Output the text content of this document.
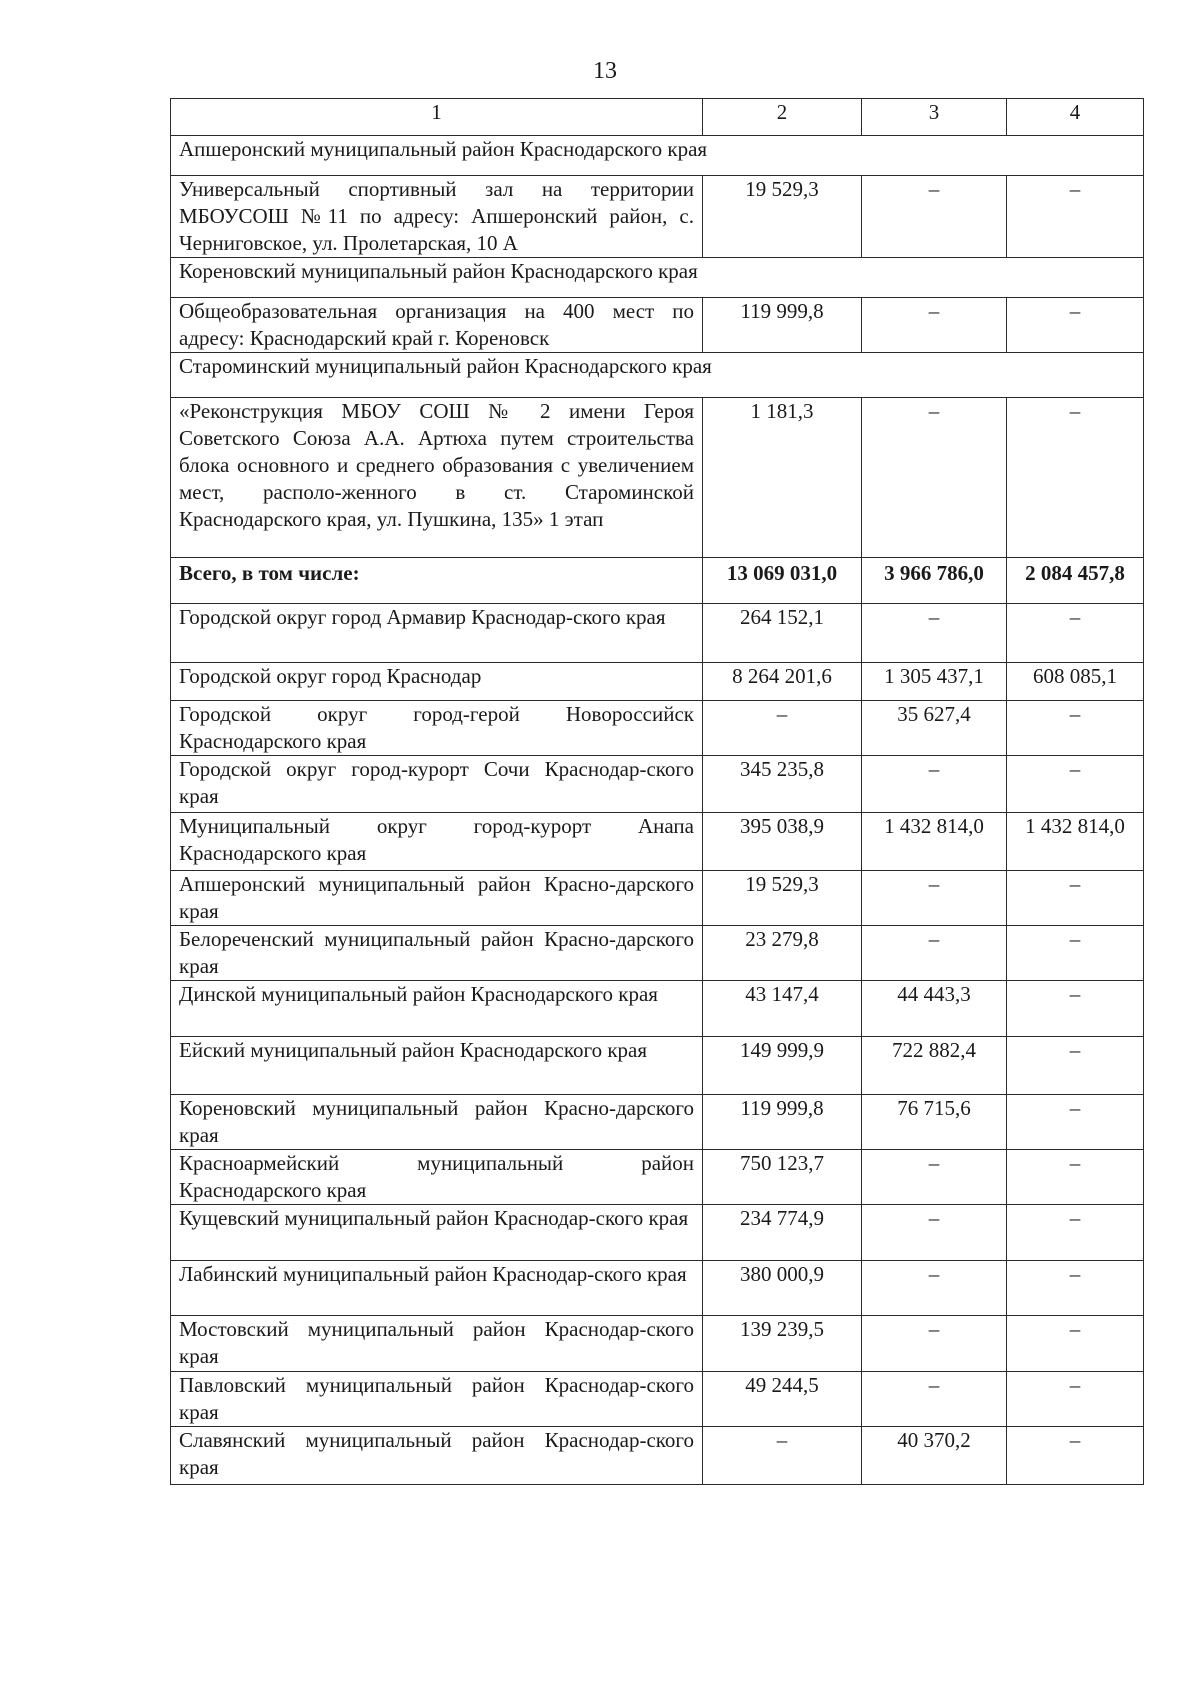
13
1	2	3	4
Апшеронский муниципальный район Краснодарского края			
Универсальный спортивный зал на территории МБОУСОШ №11 по адресу: Апшеронский район, с. Черниговское, ул. Пролетарская, 10 А	19 529,3	–	–
Кореновский муниципальный район Краснодарского края			
Общеобразовательная организация на 400 мест по адресу: Краснодарский край г. Кореновск	119 999,8	–	–
Староминский муниципальный район Краснодарского края			
«Реконструкция МБОУ СОШ № 2 имени Героя Советского Союза А.А. Артюха путем строительства блока основного и среднего образования с увеличением мест, располо-женного в ст. Староминской Краснодарского края, ул. Пушкина, 135» 1 этап	1 181,3	–	–
Всего, в том числе:	13 069 031,0	3 966 786,0	2 084 457,8
Городской округ город Армавир Краснодар-ского края	264 152,1	–	–
Городской округ город Краснодар	8 264 201,6	1 305 437,1	608 085,1
Городской округ город-герой Новороссийск Краснодарского края	–	35 627,4	–
Городской округ город-курорт Сочи Краснодар-ского края	345 235,8	–	–
Муниципальный округ город-курорт Анапа Краснодарского края	395 038,9	1 432 814,0	1 432 814,0
Апшеронский муниципальный район Красно-дарского края	19 529,3	–	–
Белореченский муниципальный район Красно-дарского края	23 279,8	–	–
Динской муниципальный район Краснодарского края	43 147,4	44 443,3	–
Ейский муниципальный район Краснодарского края	149 999,9	722 882,4	–
Кореновский муниципальный район Красно-дарского края	119 999,8	76 715,6	–
Красноармейский муниципальный район Краснодарского края	750 123,7	–	–
Кущевский муниципальный район Краснодар-ского края	234 774,9	–	–
Лабинский муниципальный район Краснодар-ского края	380 000,9	–	–
Мостовский муниципальный район Краснодар-ского края	139 239,5	–	–
Павловский муниципальный район Краснодар-ского края	49 244,5	–	–
Славянский муниципальный район Краснодар-ского края	–	40 370,2	–
